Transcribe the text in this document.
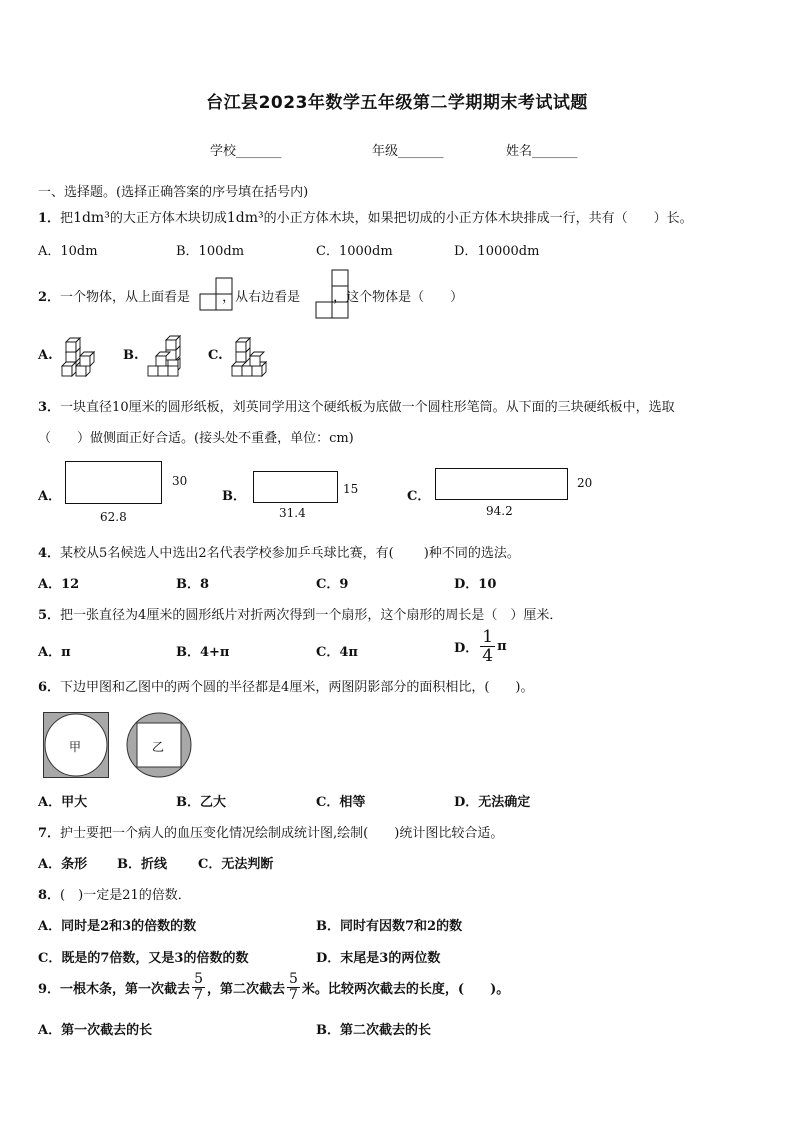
台江县2023年数学五年级第二学期期末考试试题
学校_______	年级_______	姓名_______
一、选择题。(选择正确答案的序号填在括号内)
1．把1dm³的大正方体木块切成1dm³的小正方体木块，如果把切成的小正方体木块排成一行，共有（　　）长。
A．10dm	B．100dm	C．1000dm	D．10000dm
2．一个物体，从上面看是 ，从右边看是	，这个物体是（　　）
A.	B.	C.
3．一块直径10厘米的圆形纸板，刘英同学用这个硬纸板为底做一个圆柱形笔筒。从下面的三块硬纸板中，选取
（　　）做侧面正好合适。(接头处不重叠，单位：cm)
A．
30
62.8
B．	15
31.4
C．
20
94.2
4．某校从5名候选人中选出2名代表学校参加乒乓球比赛，有(　　 )种不同的选法。
A．12	B．8	C．9	D．10
5．把一张直径为4厘米的圆形纸片对折两次得到一个扇形，这个扇形的周长是（　）厘米．
A．π	B．4+π	C．4π	D． $\frac{1}{4}$ π
6．下边甲图和乙图中的两个圆的半径都是4厘米，两图阴影部分的面积相比，(　　)。
甲	乙
A．甲大	B．乙大	C．相等	D．无法确定
7．护士要把一个病人的血压变化情况绘制成统计图,绘制(　　)统计图比较合适。
A．条形 B．折线 C．无法判断
8．(　)一定是21的倍数．
A．同时是2和3的倍数的数	B．同时有因数7和2的数
C．既是的7倍数，又是3的倍数的数	D．末尾是3的两位数
9．一根木条，第一次截去 $\frac{5}{7}$ ，第二次截去 $\frac{5}{7}$ 米。比较两次截去的长度，(　　)。
A．第一次截去的长	B．第二次截去的长
